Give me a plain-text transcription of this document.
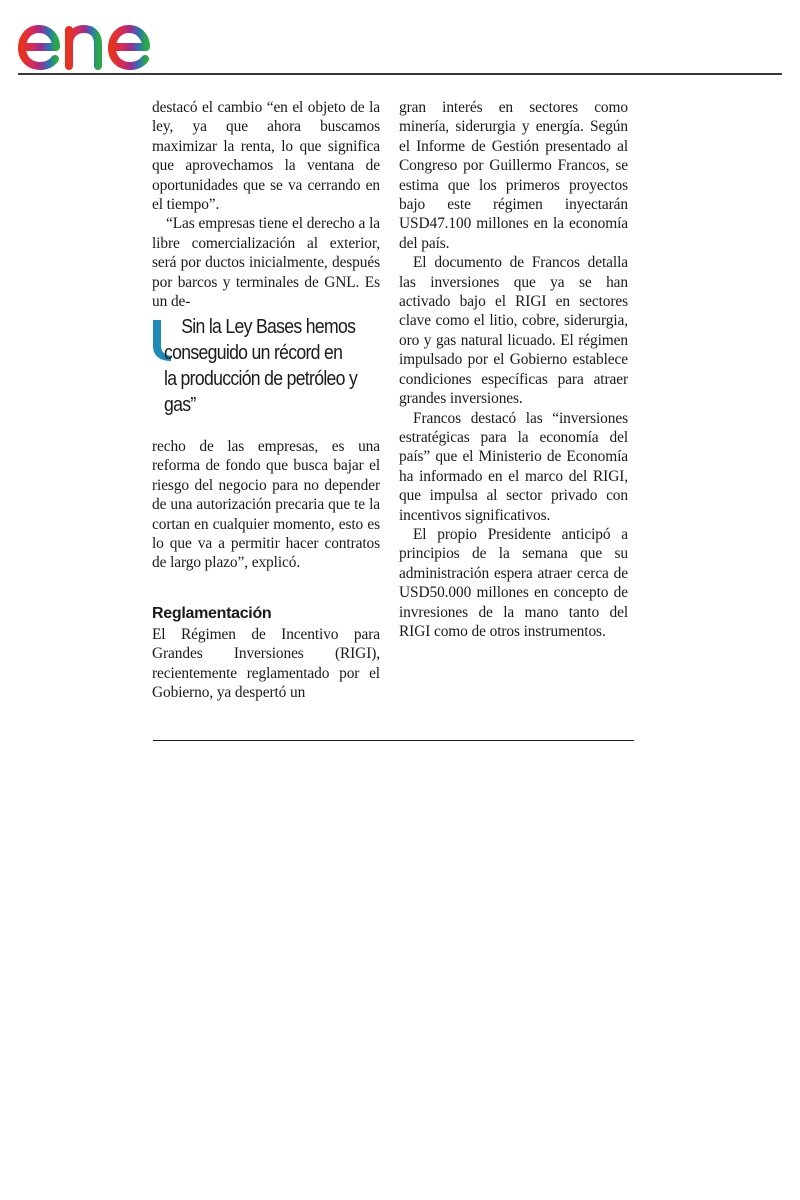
destacó el cambio “en el objeto de la ley, ya que ahora buscamos maximizar la renta, lo que significa que aprovechamos la ventana de oportunidades que se va cerrando en el tiempo”.

“Las empresas tiene el derecho a la libre comercialización al exterior, será por ductos inicialmente, después por barcos y terminales de GNL. Es un de-

Sin la Ley Bases hemos conseguido un récord en la producción de petróleo y gas”

recho de las empresas, es una reforma de fondo que busca bajar el riesgo del negocio para no depender de una autorización precaria que te la cortan en cualquier momento, esto es lo que va a permitir hacer contratos de largo plazo”, explicó.

Reglamentación

El Régimen de Incentivo para Grandes Inversiones (RIGI), recientemente reglamentado por el Gobierno, ya despertó un

gran interés en sectores como minería, siderurgia y energía. Según el Informe de Gestión presentado al Congreso por Guillermo Francos, se estima que los primeros proyectos bajo este régimen inyectarán USD47.100 millones en la economía del país.

El documento de Francos detalla las inversiones que ya se han activado bajo el RIGI en sectores clave como el litio, cobre, siderurgia, oro y gas natural licuado. El régimen impulsado por el Gobierno establece condiciones específicas para atraer grandes inversiones.

Francos destacó las “inversiones estratégicas para la economía del país” que el Ministerio de Economía ha informado en el marco del RIGI, que impulsa al sector privado con incentivos significativos.

El propio Presidente anticipó a principios de la semana que su administración espera atraer cerca de USD50.000 millones en concepto de invresiones de la mano tanto del RIGI como de otros instrumentos.
